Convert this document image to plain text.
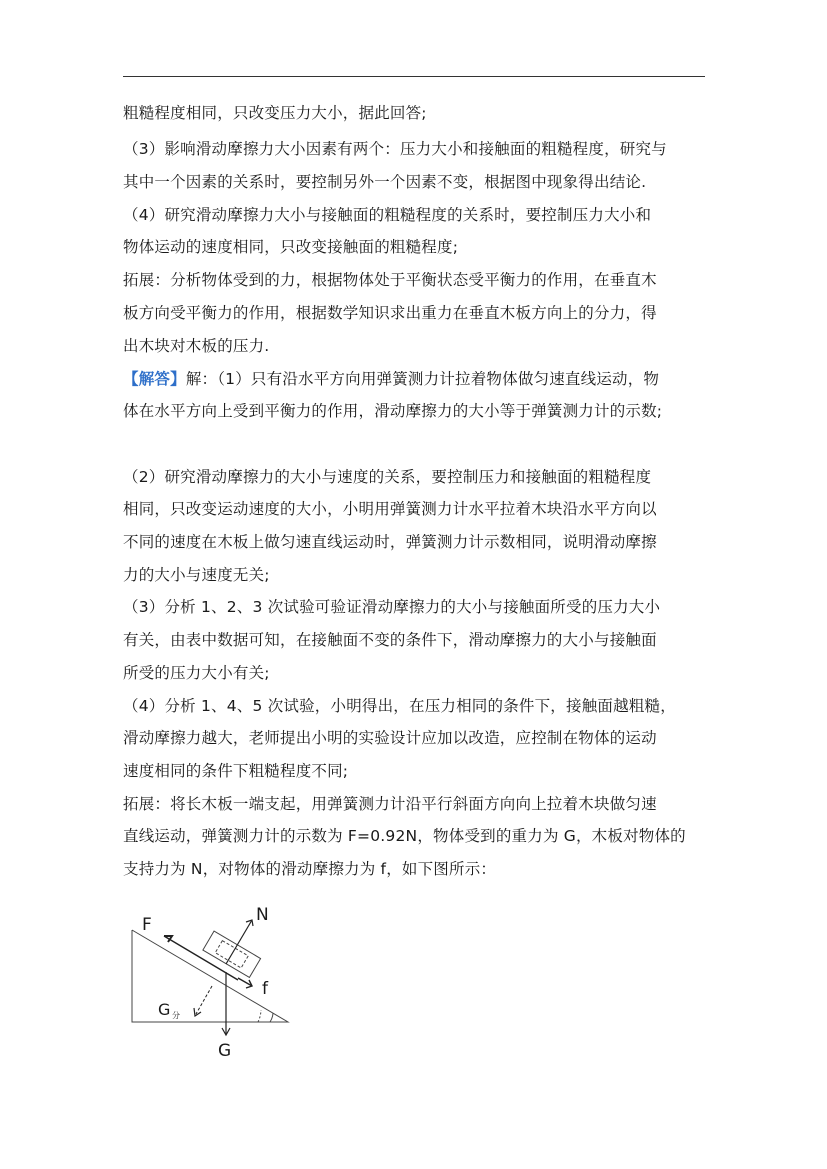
粗糙程度相同，只改变压力大小，据此回答;
（3）影响滑动摩擦力大小因素有两个：压力大小和接触面的粗糙程度，研究与
其中一个因素的关系时，要控制另外一个因素不变，根据图中现象得出结论.
（4）研究滑动摩擦力大小与接触面的粗糙程度的关系时，要控制压力大小和
物体运动的速度相同，只改变接触面的粗糙程度;
拓展：分析物体受到的力，根据物体处于平衡状态受平衡力的作用，在垂直木
板方向受平衡力的作用，根据数学知识求出重力在垂直木板方向上的分力，得
出木块对木板的压力.
【解答】解：（1）只有沿水平方向用弹簧测力计拉着物体做匀速直线运动，物
体在水平方向上受到平衡力的作用，滑动摩擦力的大小等于弹簧测力计的示数;
（2）研究滑动摩擦力的大小与速度的关系，要控制压力和接触面的粗糙程度
相同，只改变运动速度的大小，小明用弹簧测力计水平拉着木块沿水平方向以
不同的速度在木板上做匀速直线运动时，弹簧测力计示数相同，说明滑动摩擦
力的大小与速度无关;
（3）分析 1、2、3 次试验可验证滑动摩擦力的大小与接触面所受的压力大小
有关，由表中数据可知，在接触面不变的条件下，滑动摩擦力的大小与接触面
所受的压力大小有关;
（4）分析 1、4、5 次试验，小明得出，在压力相同的条件下，接触面越粗糙，
滑动摩擦力越大，老师提出小明的实验设计应加以改造，应控制在物体的运动
速度相同的条件下粗糙程度不同;
拓展：将长木板一端支起，用弹簧测力计沿平行斜面方向向上拉着木块做匀速
直线运动，弹簧测力计的示数为 F=0.92N，物体受到的重力为 G，木板对物体的
支持力为 N，对物体的滑动摩擦力为 f，如下图所示：
F	N
f
G
G 分
